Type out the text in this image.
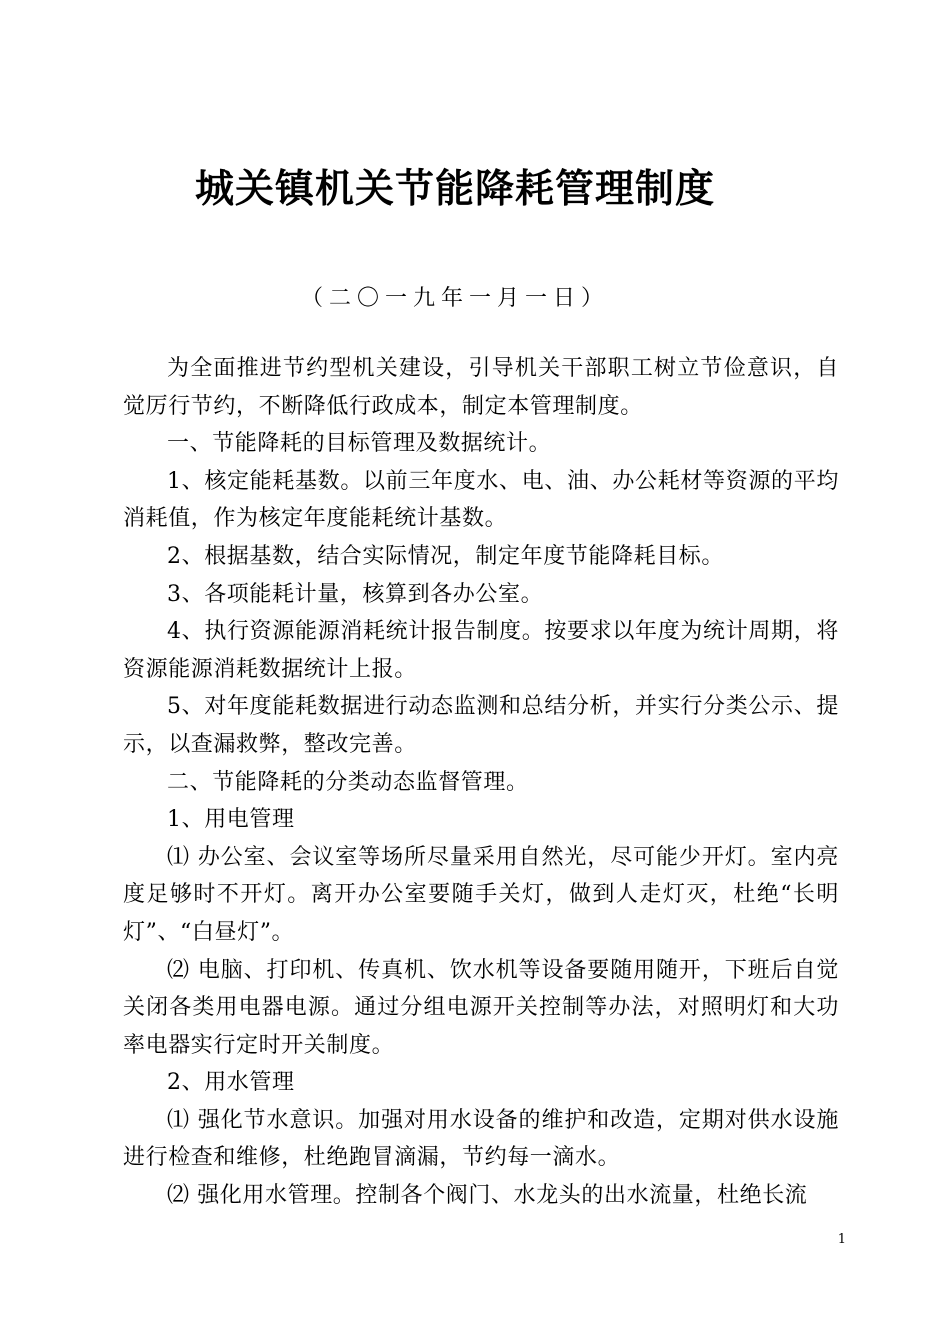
城关镇机关节能降耗管理制度
（二〇一九年一月一日）

为全面推进节约型机关建设，引导机关干部职工树立节俭意识，自觉厉行节约，不断降低行政成本，制定本管理制度。

一、节能降耗的目标管理及数据统计。

1、核定能耗基数。以前三年度水、电、油、办公耗材等资源的平均消耗值，作为核定年度能耗统计基数。

2、根据基数，结合实际情况，制定年度节能降耗目标。

3、各项能耗计量，核算到各办公室。

4、执行资源能源消耗统计报告制度。按要求以年度为统计周期，将资源能源消耗数据统计上报。

5、对年度能耗数据进行动态监测和总结分析，并实行分类公示、提示，以查漏救弊，整改完善。

二、节能降耗的分类动态监督管理。

1、用电管理

⑴ 办公室、会议室等场所尽量采用自然光，尽可能少开灯。室内亮度足够时不开灯。离开办公室要随手关灯，做到人走灯灭，杜绝“长明灯”、“白昼灯”。

⑵ 电脑、打印机、传真机、饮水机等设备要随用随开，下班后自觉关闭各类用电器电源。通过分组电源开关控制等办法，对照明灯和大功率电器实行定时开关制度。

2、用水管理

⑴ 强化节水意识。加强对用水设备的维护和改造，定期对供水设施进行检查和维修，杜绝跑冒滴漏，节约每一滴水。

⑵ 强化用水管理。控制各个阀门、水龙头的出水流量，杜绝长流

1
